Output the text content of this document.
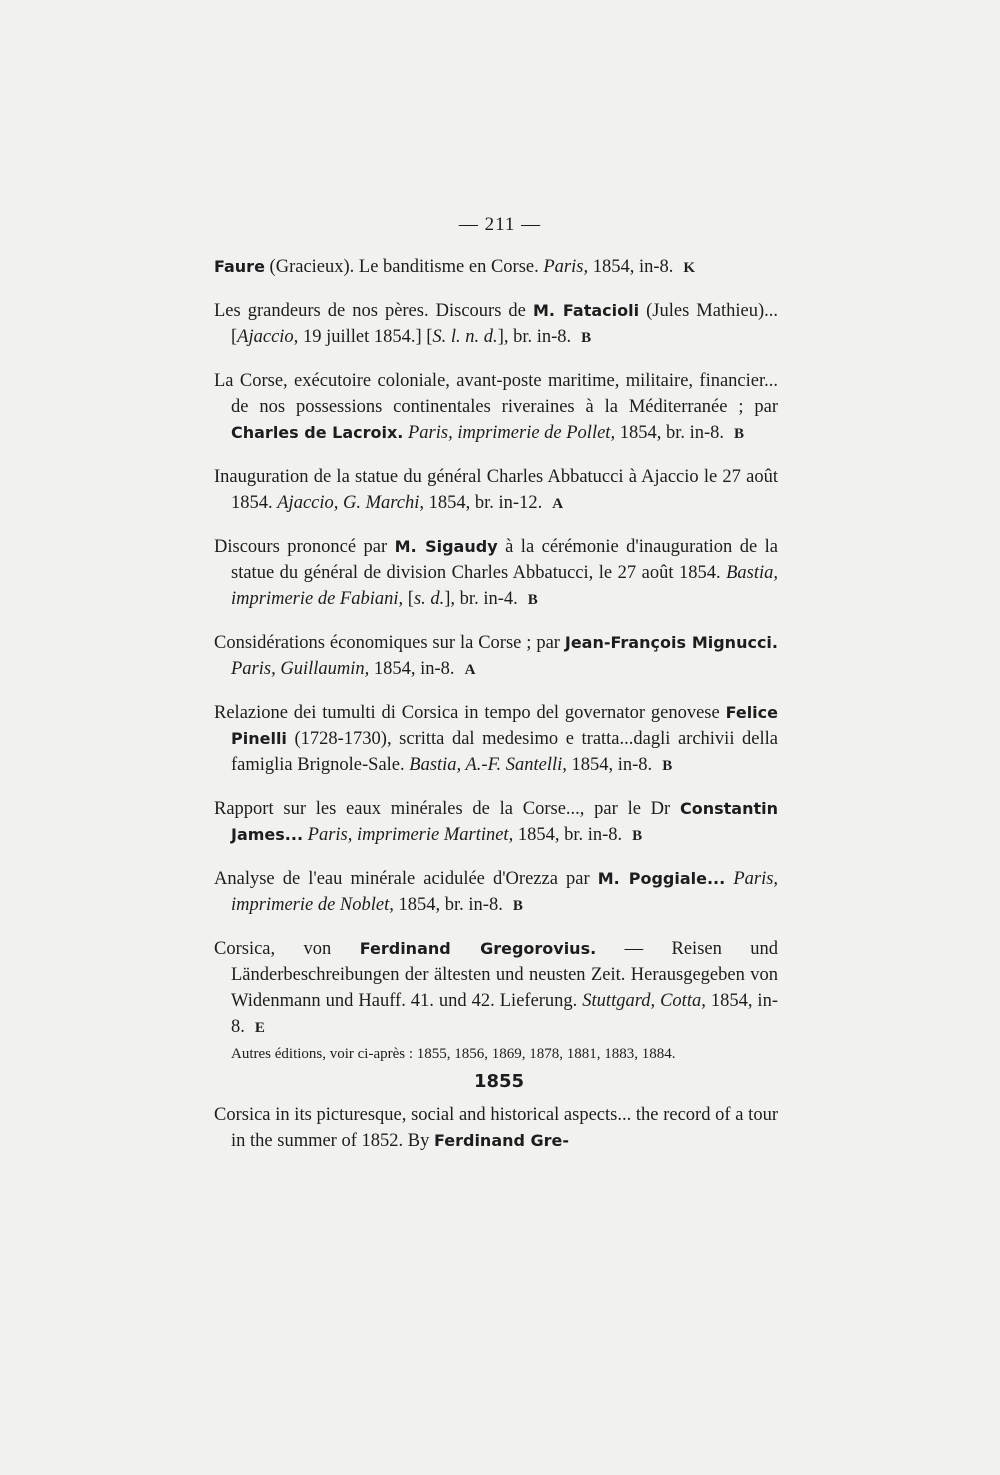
— 211 —
Faure (Gracieux). Le banditisme en Corse. Paris, 1854, in-8. K
Les grandeurs de nos pères. Discours de M. Fatacioli (Jules Mathieu)... [Ajaccio, 19 juillet 1854.] [S. l. n. d.], br. in-8. B
La Corse, exécutoire coloniale, avant-poste maritime, militaire, financier... de nos possessions continentales riveraines à la Méditerranée ; par Charles de Lacroix. Paris, imprimerie de Pollet, 1854, br. in-8. B
Inauguration de la statue du général Charles Abbatucci à Ajaccio le 27 août 1854. Ajaccio, G. Marchi, 1854, br. in-12. A
Discours prononcé par M. Sigaudy à la cérémonie d'inauguration de la statue du général de division Charles Abbatucci, le 27 août 1854. Bastia, imprimerie de Fabiani, [s. d.], br. in-4. B
Considérations économiques sur la Corse ; par Jean-François Mignucci. Paris, Guillaumin, 1854, in-8. A
Relazione dei tumulti di Corsica in tempo del governator genovese Felice Pinelli (1728-1730), scritta dal medesimo e tratta...dagli archivii della famiglia Brignole-Sale. Bastia, A.-F. Santelli, 1854, in-8. B
Rapport sur les eaux minérales de la Corse..., par le Dr Constantin James... Paris, imprimerie Martinet, 1854, br. in-8. B
Analyse de l'eau minérale acidulée d'Orezza par M. Poggiale... Paris, imprimerie de Noblet, 1854, br. in-8. B
Corsica, von Ferdinand Gregorovius. — Reisen und Länderbeschreibungen der ältesten und neusten Zeit. Herausgegeben von Widenmann und Hauff. 41. und 42. Lieferung. Stuttgard, Cotta, 1854, in-8. E
Autres éditions, voir ci-après : 1855, 1856, 1869, 1878, 1881, 1883, 1884.
1855
Corsica in its picturesque, social and historical aspects... the record of a tour in the summer of 1852. By Ferdinand Gre-
